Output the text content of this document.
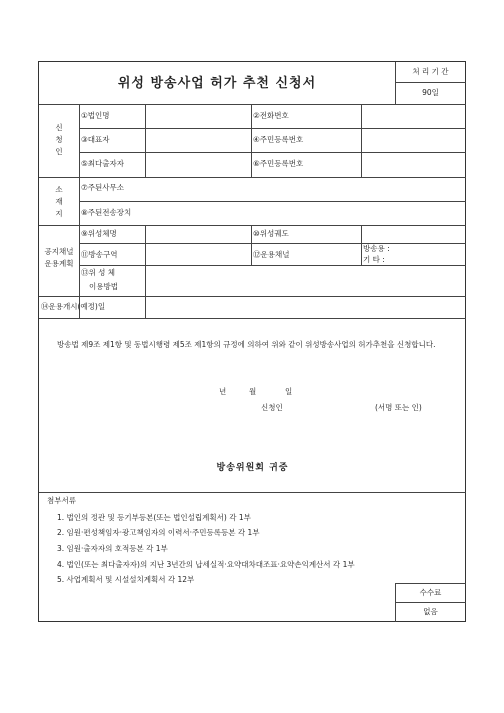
위성 방송사업 허가 추천 신청서
처 리 기 간
90일
신청인
①법인명	②전화번호
③대표자	④주민등록번호
⑤최다출자자	⑥주민등록번호
소재지
⑦주된사무소
⑧주된전송장치
공지채널
운용계획
⑨위성체명	⑩위성궤도
⑪방송구역	⑫운용채널
방송용 :
기 타 :
⑬위 성 체
이용방법
⑭운용개시(예정)일
방송법 제9조 제1항 및 동법시행령 제5조 제1항의 규정에 의하여 위와 같이 위성방송사업의 허가추천을 신청합니다.
년	월	일
신청인	(서명 또는 인)
방송위원회 귀중
첨부서류
1. 법인의 정관 및 등기부등본(또는 법인설립계획서) 각 1부
2. 임원·편성책임자·광고책임자의 이력서·주민등록등본 각 1부
3. 임원·출자자의 호적등본 각 1부
4. 법인(또는 최다출자자)의 지난 3년간의 납세실적·요약대차대조표·요약손익계산서 각 1부
5. 사업계획서 및 시설설치계획서 각 12부
수수료
없음
